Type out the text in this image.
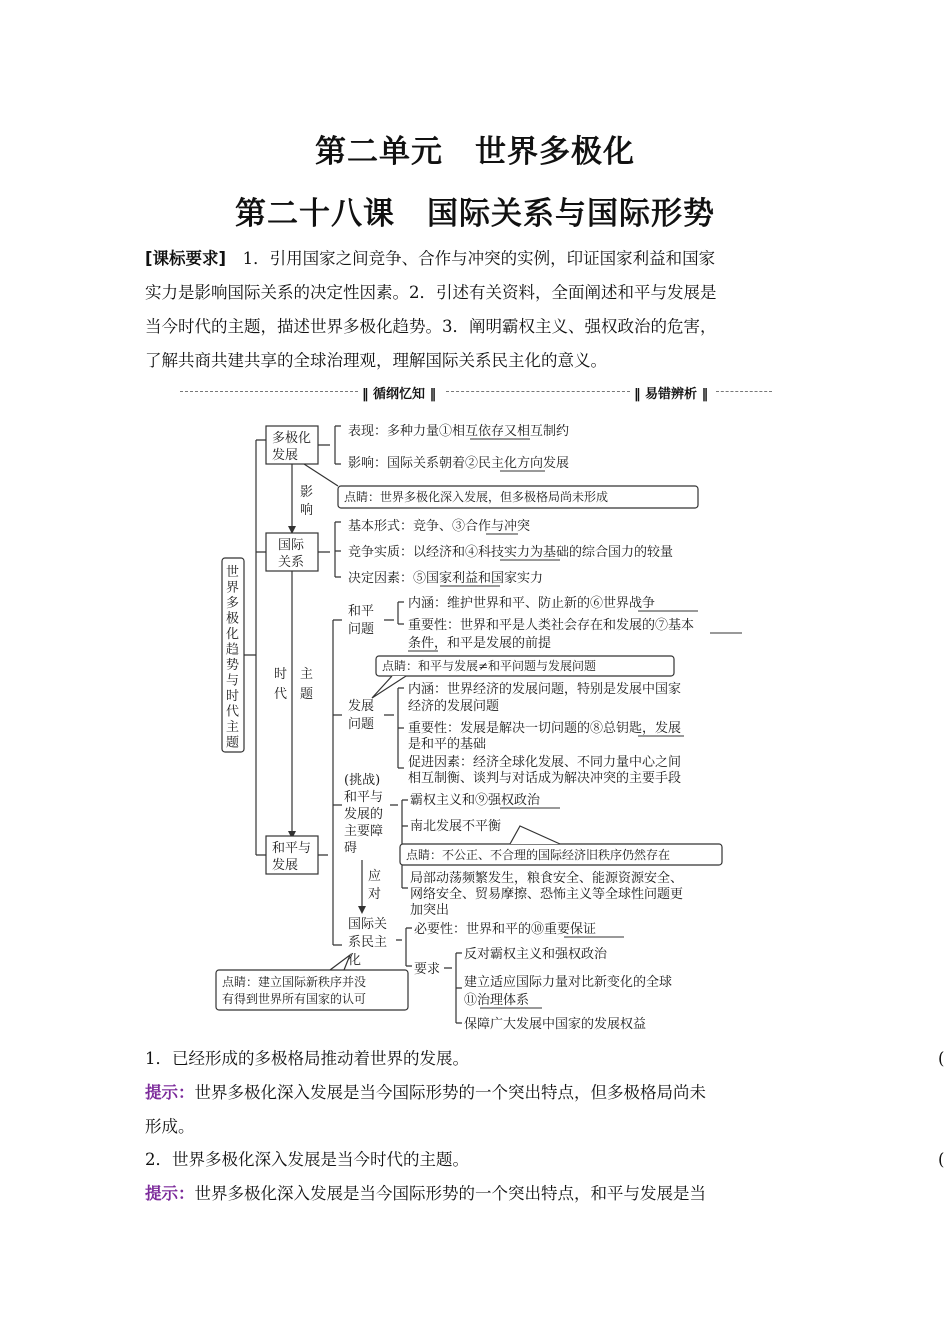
第二单元　世界多极化
第二十八课　国际关系与国际形势
[课标要求]　1．引用国家之间竞争、合作与冲突的实例，印证国家利益和国家
实力是影响国际关系的决定性因素。2．引述有关资料，全面阐述和平与发展是
当今时代的主题，描述世界多极化趋势。3．阐明霸权主义、强权政治的危害，
了解共商共建共享的全球治理观，理解国际关系民主化的意义。
‖ 循纲忆知 ‖	‖ 易错辨析 ‖
世
界
多
极
化
趋
势
与
时
代
主
题
多极化
发展
表现：多种力量①相互依存又相互制约
影响：国际关系朝着②民主化方向发展
点睛：世界多极化深入发展，但多极格局尚未形成
影
响
国际
关系
基本形式：竞争、③合作与冲突
竞争实质：以经济和④科技实力为基础的综合国力的较量
决定因素：⑤国家利益和国家实力
时
代
主
题
和平与
发展
和平
问题
内涵：维护世界和平、防止新的⑥世界战争
重要性：世界和平是人类社会存在和发展的⑦基本
条件，和平是发展的前提
点睛：和平与发展≠和平问题与发展问题
发展
问题
内涵：世界经济的发展问题，特别是发展中国家
经济的发展问题
重要性：发展是解决一切问题的⑧总钥匙，发展
是和平的基础
促进因素：经济全球化发展、不同力量中心之间
相互制衡、谈判与对话成为解决冲突的主要手段
(挑战)
和平与
发展的
主要障
碍
霸权主义和⑨强权政治
南北发展不平衡
点睛：不公正、不合理的国际经济旧秩序仍然存在
局部动荡频繁发生，粮食安全、能源资源安全、
网络安全、贸易摩擦、恐怖主义等全球性问题更
加突出
应
对
国际关
系民主
化
必要性：世界和平的⑩重要保证
要求
反对霸权主义和强权政治
建立适应国际力量对比新变化的全球
⑪治理体系
保障广大发展中国家的发展权益
点睛：建立国际新秩序并没
有得到世界所有国家的认可
1．已经形成的多极格局推动着世界的发展。	(
提示：世界多极化深入发展是当今国际形势的一个突出特点，但多极格局尚未
形成。
2．世界多极化深入发展是当今时代的主题。	(
提示：世界多极化深入发展是当今国际形势的一个突出特点，和平与发展是当
